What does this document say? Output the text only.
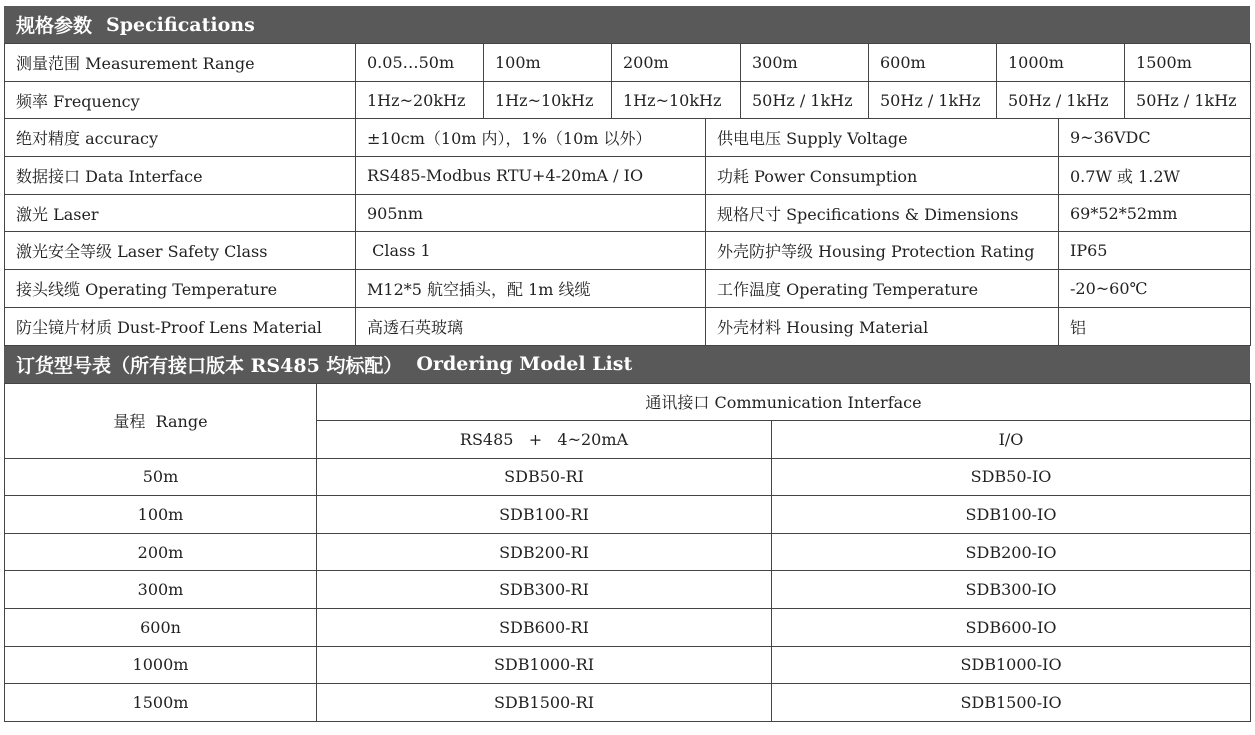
规格参数 Specifications
测量范围 Measurement Range	0.05…50m	100m	200m		300m	600m	1000m		1500m
频率 Frequency	1Hz~20kHz	1Hz~10kHz	1Hz~10kHz		50Hz / 1kHz	50Hz / 1kHz	50Hz / 1kHz		50Hz / 1kHz
绝对精度 accuracy	±10cm（10m 内），1%（10m 以外）			供电电压 Supply Voltage				9~36VDC	
数据接口 Data Interface	RS485-Modbus RTU+4-20mA / IO			功耗 Power Consumption				0.7W 或 1.2W	
激光 Laser	905nm			规格尺寸 Specifications & Dimensions				69*52*52mm	
激光安全等级 Laser Safety Class	Class 1			外壳防护等级 Housing Protection Rating				IP65	
接头线缆 Operating Temperature	M12*5 航空插头，配 1m 线缆			工作温度 Operating Temperature				-20~60℃	
防尘镜片材质 Dust-Proof Lens Material	高透石英玻璃			外壳材料 Housing Material				铝	
订货型号表（所有接口版本 RS485 均标配） Ordering Model List
量程  Range	通讯接口 Communication Interface	
	RS485   +   4~20mA	I/O
50m	SDB50-RI	SDB50-IO
100m	SDB100-RI	SDB100-IO
200m	SDB200-RI	SDB200-IO
300m	SDB300-RI	SDB300-IO
600n	SDB600-RI	SDB600-IO
1000m	SDB1000-RI	SDB1000-IO
1500m	SDB1500-RI	SDB1500-IO
